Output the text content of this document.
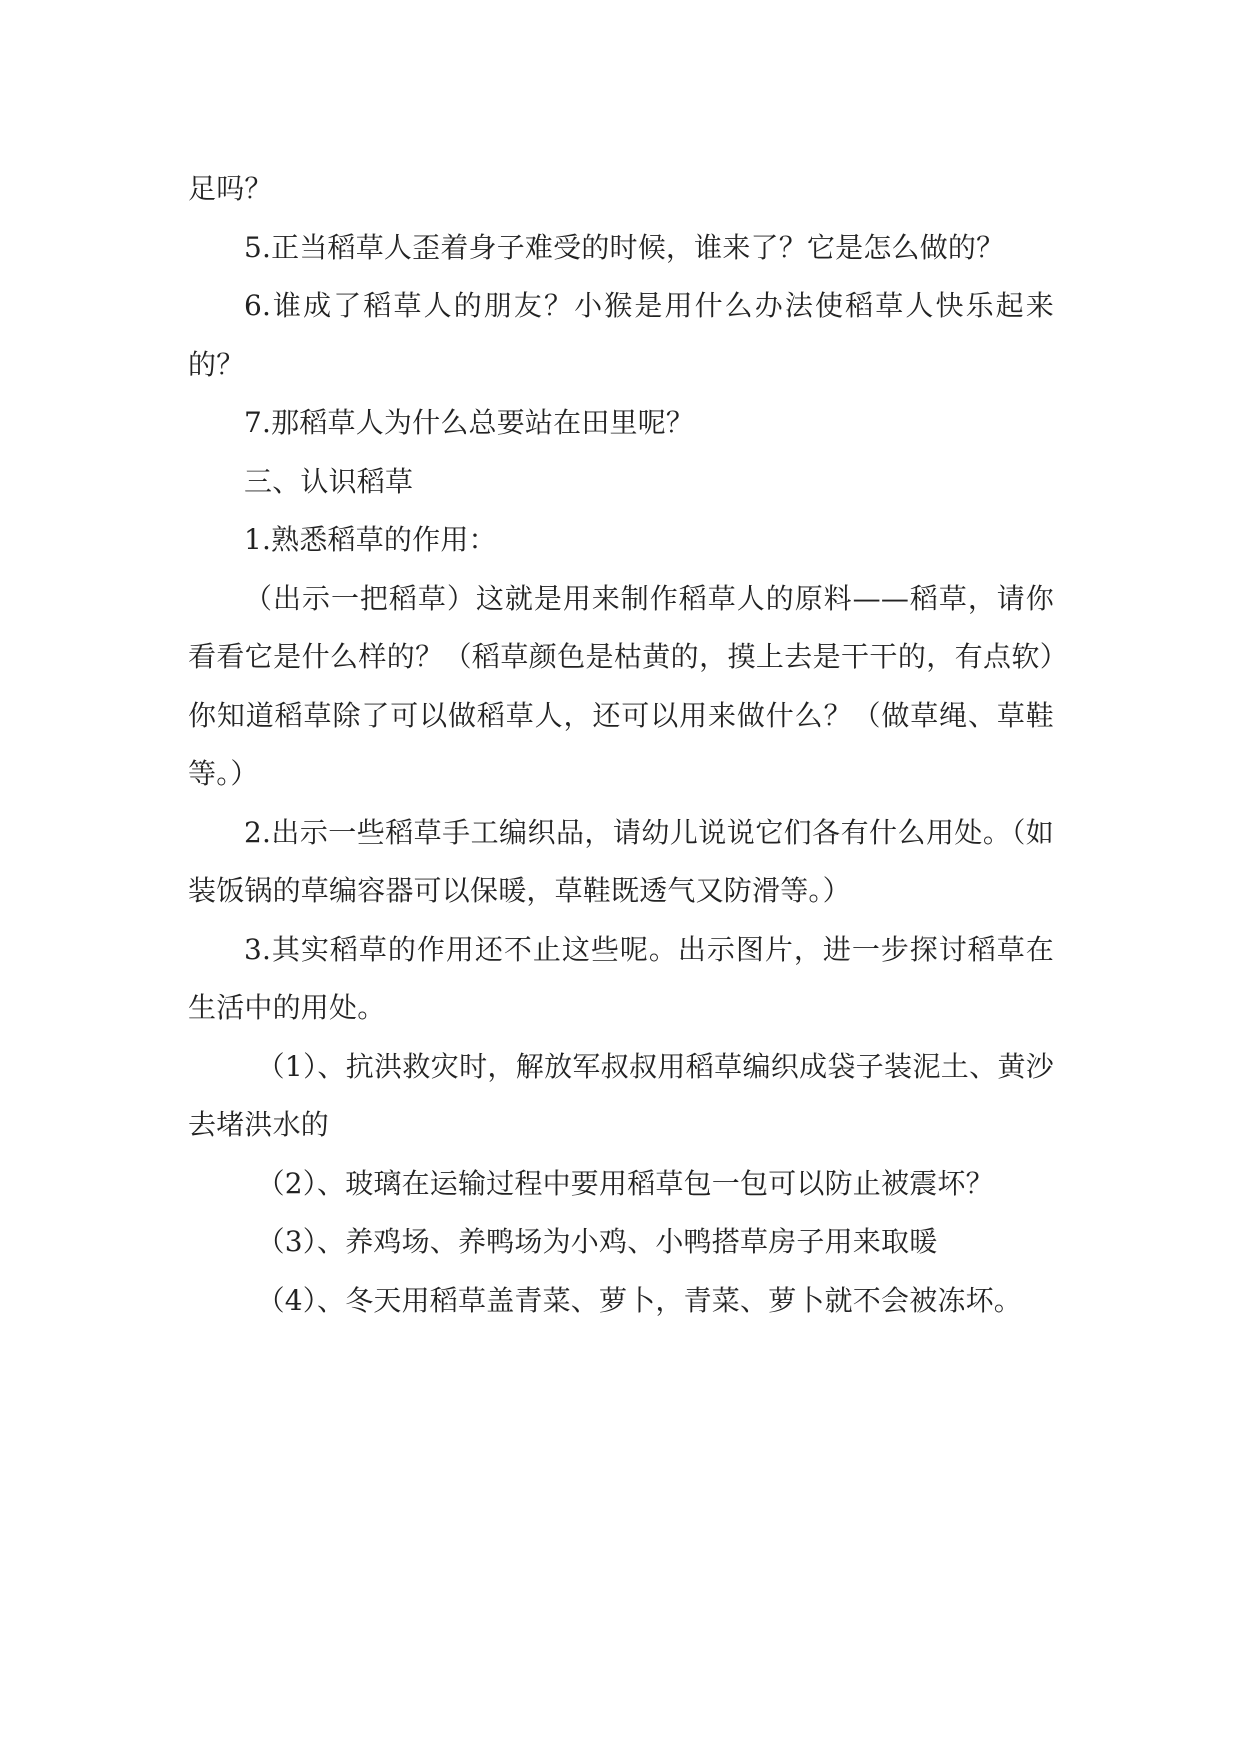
足吗？

5.正当稻草人歪着身子难受的时候，谁来了？它是怎么做的？

6.谁成了稻草人的朋友？小猴是用什么办法使稻草人快乐起来的？

7.那稻草人为什么总要站在田里呢？

三、认识稻草

1.熟悉稻草的作用：

（出示一把稻草）这就是用来制作稻草人的原料——稻草，请你看看它是什么样的？（稻草颜色是枯黄的，摸上去是干干的，有点软）你知道稻草除了可以做稻草人，还可以用来做什么？（做草绳、草鞋等。）

2.出示一些稻草手工编织品，请幼儿说说它们各有什么用处。（如装饭锅的草编容器可以保暖，草鞋既透气又防滑等。）

3.其实稻草的作用还不止这些呢。出示图片，进一步探讨稻草在生活中的用处。

（1）、抗洪救灾时，解放军叔叔用稻草编织成袋子装泥土、黄沙去堵洪水的

（2）、玻璃在运输过程中要用稻草包一包可以防止被震坏？

（3）、养鸡场、养鸭场为小鸡、小鸭搭草房子用来取暖

（4）、冬天用稻草盖青菜、萝卜，青菜、萝卜就不会被冻坏。
